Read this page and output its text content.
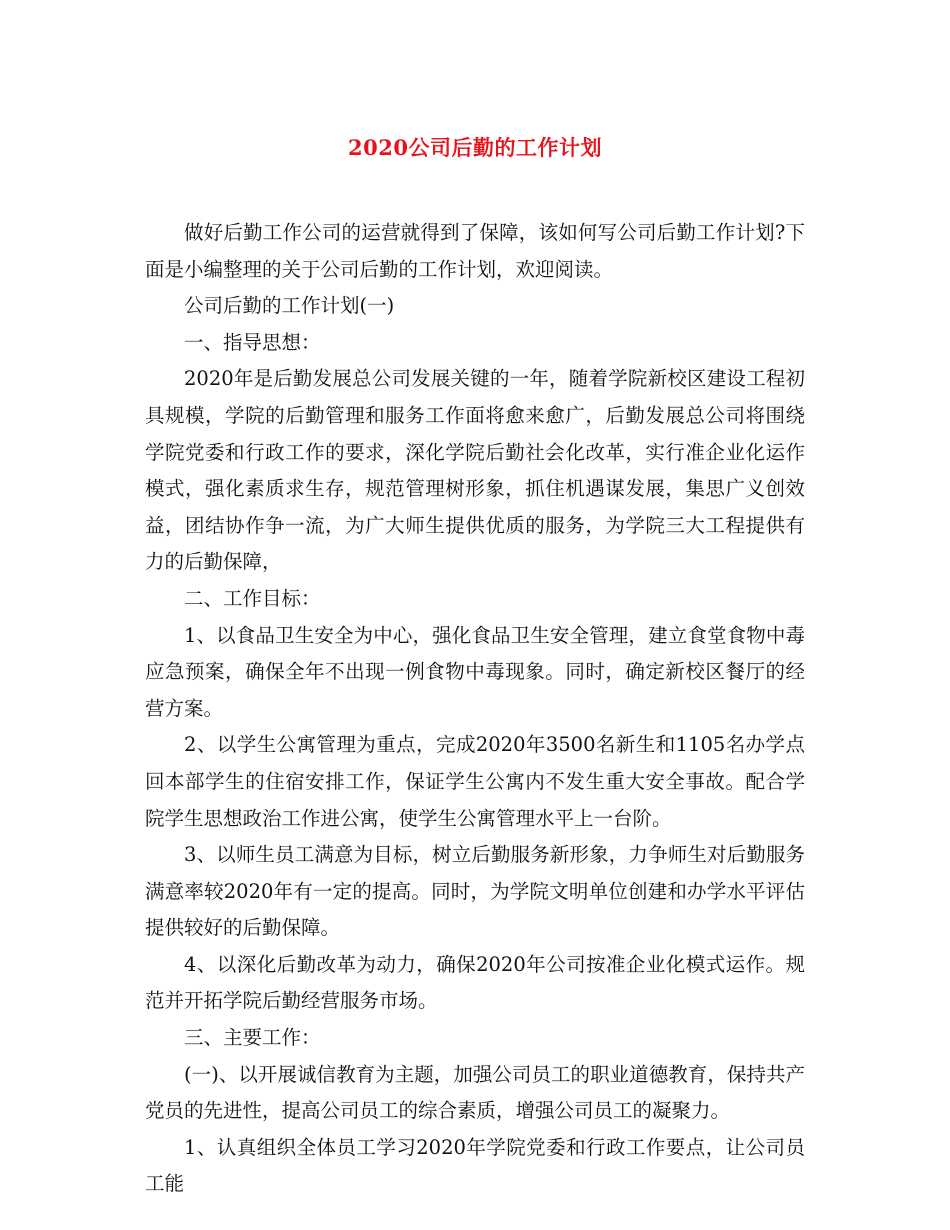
2020公司后勤的工作计划

做好后勤工作公司的运营就得到了保障，该如何写公司后勤工作计划?下面是小编整理的关于公司后勤的工作计划，欢迎阅读。

公司后勤的工作计划(一)

一、指导思想：

2020年是后勤发展总公司发展关键的一年，随着学院新校区建设工程初具规模，学院的后勤管理和服务工作面将愈来愈广，后勤发展总公司将围绕学院党委和行政工作的要求，深化学院后勤社会化改革，实行准企业化运作模式，强化素质求生存，规范管理树形象，抓住机遇谋发展，集思广义创效益，团结协作争一流，为广大师生提供优质的服务，为学院三大工程提供有力的后勤保障，

二、工作目标：

1、以食品卫生安全为中心，强化食品卫生安全管理，建立食堂食物中毒应急预案，确保全年不出现一例食物中毒现象。同时，确定新校区餐厅的经营方案。

2、以学生公寓管理为重点，完成2020年3500名新生和1105名办学点回本部学生的住宿安排工作，保证学生公寓内不发生重大安全事故。配合学院学生思想政治工作进公寓，使学生公寓管理水平上一台阶。

3、以师生员工满意为目标，树立后勤服务新形象，力争师生对后勤服务满意率较2020年有一定的提高。同时，为学院文明单位创建和办学水平评估提供较好的后勤保障。

4、以深化后勤改革为动力，确保2020年公司按准企业化模式运作。规范并开拓学院后勤经营服务市场。

三、主要工作：

(一)、以开展诚信教育为主题，加强公司员工的职业道德教育，保持共产党员的先进性，提高公司员工的综合素质，增强公司员工的凝聚力。

1、认真组织全体员工学习2020年学院党委和行政工作要点，让公司员工能
